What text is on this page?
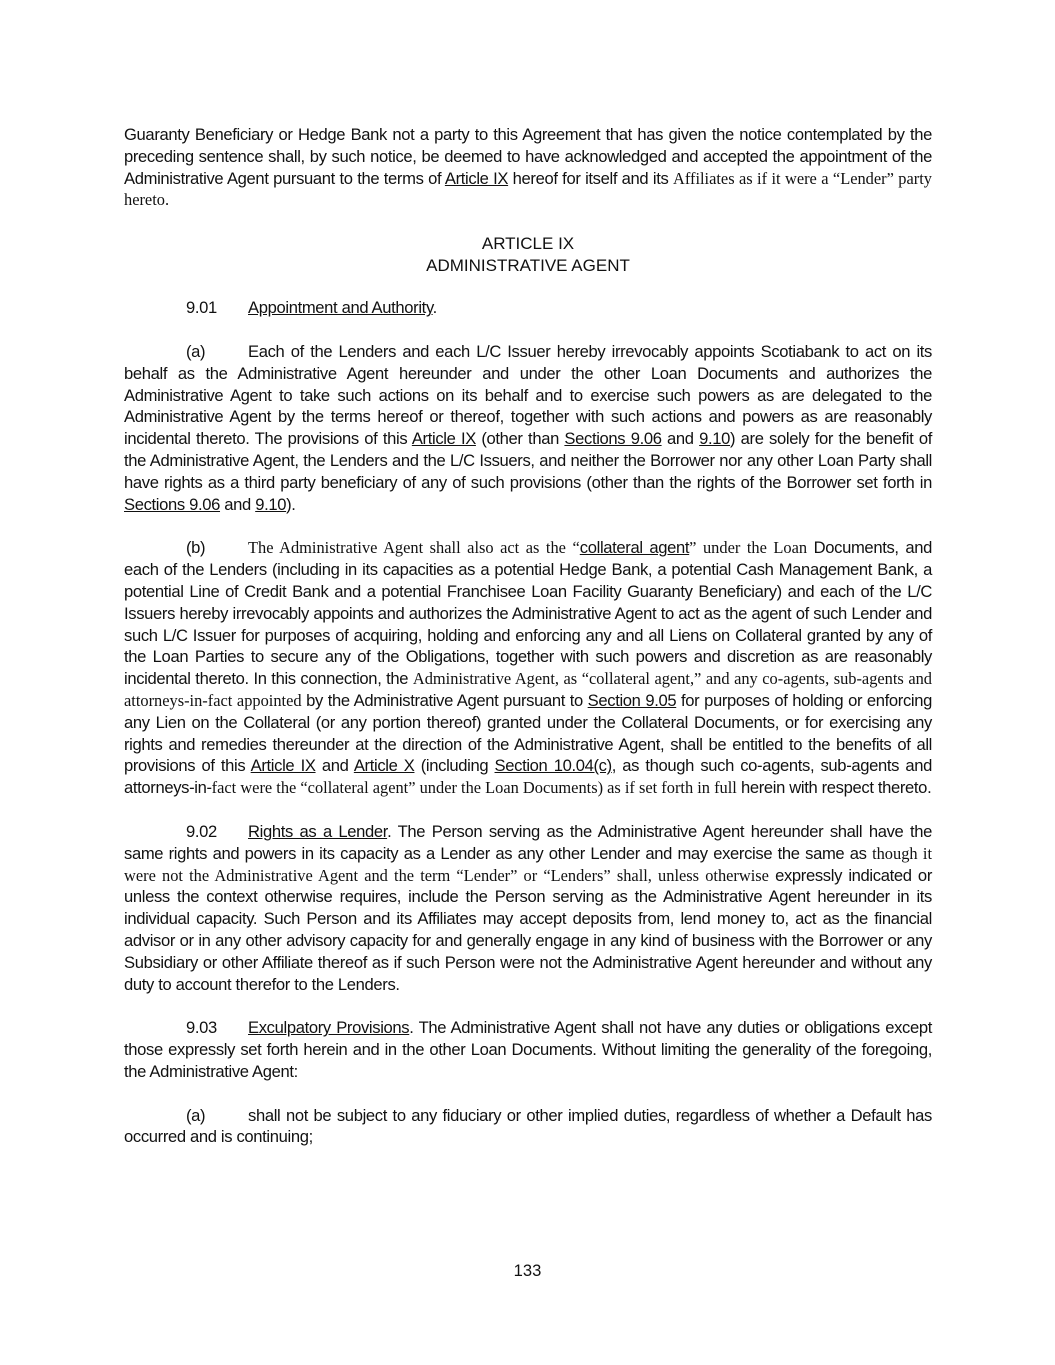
Guaranty Beneficiary or Hedge Bank not a party to this Agreement that has given the notice contemplated by the preceding sentence shall, by such notice, be deemed to have acknowledged and accepted the appointment of the Administrative Agent pursuant to the terms of Article IX hereof for itself and its Affiliates as if it were a “Lender” party hereto.

ARTICLE IX
ADMINISTRATIVE AGENT

9.01 Appointment and Authority.

(a)	Each of the Lenders and each L/C Issuer hereby irrevocably appoints Scotiabank to act on its behalf as the Administrative Agent hereunder and under the other Loan Documents and authorizes the Administrative Agent to take such actions on its behalf and to exercise such powers as are delegated to the Administrative Agent by the terms hereof or thereof, together with such actions and powers as are reasonably incidental thereto. The provisions of this Article IX (other than Sections 9.06 and 9.10) are solely for the benefit of the Administrative Agent, the Lenders and the L/C Issuers, and neither the Borrower nor any other Loan Party shall have rights as a third party beneficiary of any of such provisions (other than the rights of the Borrower set forth in Sections 9.06 and 9.10).

(b)	The Administrative Agent shall also act as the “collateral agent” under the Loan Documents, and each of the Lenders (including in its capacities as a potential Hedge Bank, a potential Cash Management Bank, a potential Line of Credit Bank and a potential Franchisee Loan Facility Guaranty Beneficiary) and each of the L/C Issuers hereby irrevocably appoints and authorizes the Administrative Agent to act as the agent of such Lender and such L/C Issuer for purposes of acquiring, holding and enforcing any and all Liens on Collateral granted by any of the Loan Parties to secure any of the Obligations, together with such powers and discretion as are reasonably incidental thereto. In this connection, the Administrative Agent, as “collateral agent,” and any co-agents, sub-agents and attorneys-in-fact appointed by the Administrative Agent pursuant to Section 9.05 for purposes of holding or enforcing any Lien on the Collateral (or any portion thereof) granted under the Collateral Documents, or for exercising any rights and remedies thereunder at the direction of the Administrative Agent, shall be entitled to the benefits of all provisions of this Article IX and Article X (including Section 10.04(c), as though such co-agents, sub-agents and attorneys-in-fact were the “collateral agent” under the Loan Documents) as if set forth in full herein with respect thereto.

9.02 Rights as a Lender. The Person serving as the Administrative Agent hereunder shall have the same rights and powers in its capacity as a Lender as any other Lender and may exercise the same as though it were not the Administrative Agent and the term “Lender” or “Lenders” shall, unless otherwise expressly indicated or unless the context otherwise requires, include the Person serving as the Administrative Agent hereunder in its individual capacity. Such Person and its Affiliates may accept deposits from, lend money to, act as the financial advisor or in any other advisory capacity for and generally engage in any kind of business with the Borrower or any Subsidiary or other Affiliate thereof as if such Person were not the Administrative Agent hereunder and without any duty to account therefor to the Lenders.

9.03 Exculpatory Provisions. The Administrative Agent shall not have any duties or obligations except those expressly set forth herein and in the other Loan Documents. Without limiting the generality of the foregoing, the Administrative Agent:

(a)	shall not be subject to any fiduciary or other implied duties, regardless of whether a Default has occurred and is continuing;

133
